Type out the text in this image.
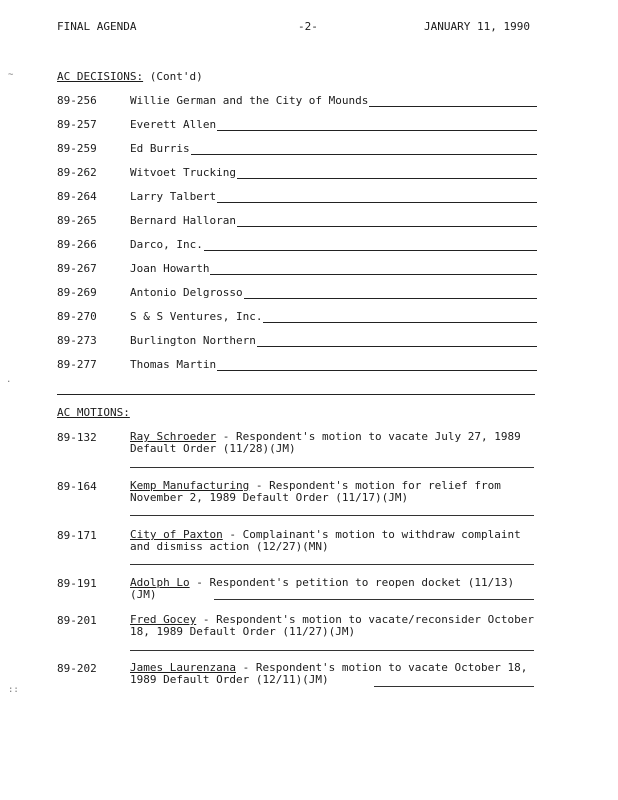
FINAL AGENDA	-2-	JANUARY 11, 1990
~
.
::
AC DECISIONS: (Cont'd)
89-256	Willie German and the City of Mounds
89-257	Everett Allen
89-259	Ed Burris
89-262	Witvoet Trucking
89-264	Larry Talbert
89-265	Bernard Halloran
89-266	Darco, Inc.
89-267	Joan Howarth
89-269	Antonio Delgrosso
89-270	S & S Ventures, Inc.
89-273	Burlington Northern
89-277	Thomas Martin
AC MOTIONS:
89-132	Ray Schroeder - Respondent's motion to vacate July 27, 1989 Default Order (11/28)(JM)
89-164	Kemp Manufacturing - Respondent's motion for relief from November 2, 1989 Default Order (11/17)(JM)
89-171	City of Paxton - Complainant's motion to withdraw complaint and dismiss action (12/27)(MN)
89-191	Adolph Lo - Respondent's petition to reopen docket (11/13)(JM)
89-201	Fred Gocey - Respondent's motion to vacate/reconsider October 18, 1989 Default Order (11/27)(JM)
89-202	James Laurenzana - Respondent's motion to vacate October 18, 1989 Default Order (12/11)(JM)
